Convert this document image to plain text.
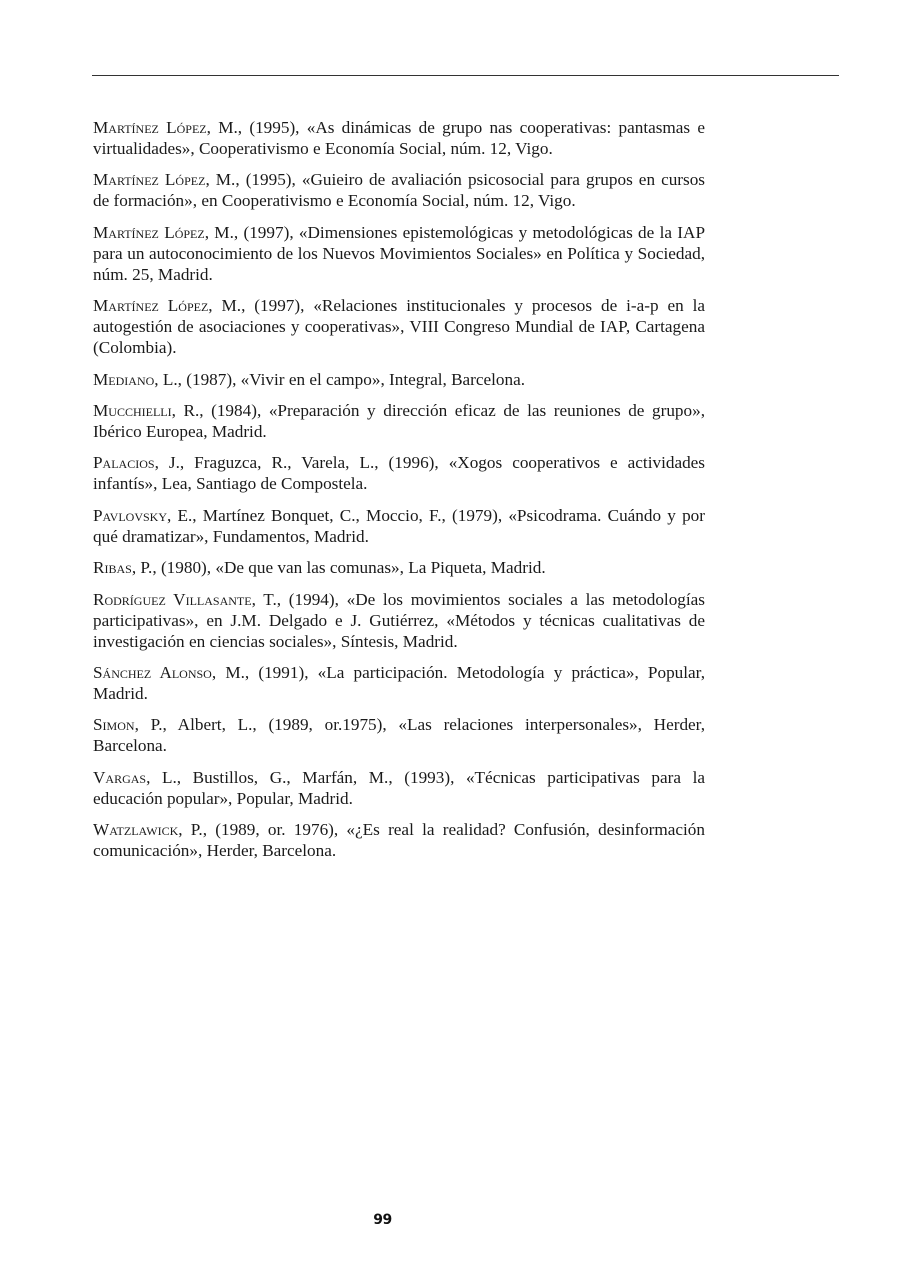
Martínez López, M., (1995), «As dinámicas de grupo nas cooperativas: pantasmas e virtualidades», Cooperativismo e Economía Social, núm. 12, Vigo.

Martínez López, M., (1995), «Guieiro de avaliación psicosocial para grupos en cursos de formación», en Cooperativismo e Economía Social, núm. 12, Vigo.

Martínez López, M., (1997), «Dimensiones epistemológicas y metodológicas de la IAP para un autoconocimiento de los Nuevos Movimientos Sociales» en Política y Sociedad, núm. 25, Madrid.

Martínez López, M., (1997), «Relaciones institucionales y procesos de i-a-p en la autogestión de asociaciones y cooperativas», VIII Congreso Mundial de IAP, Cartagena (Colombia).

Mediano, L., (1987), «Vivir en el campo», Integral, Barcelona.

Mucchielli, R., (1984), «Preparación y dirección eficaz de las reuniones de grupo», Ibérico Europea, Madrid.

Palacios, J., Fraguzca, R., Varela, L., (1996), «Xogos cooperativos e actividades infantís», Lea, Santiago de Compostela.

Pavlovsky, E., Martínez Bonquet, C., Moccio, F., (1979), «Psicodrama. Cuándo y por qué dramatizar», Fundamentos, Madrid.

Ribas, P., (1980), «De que van las comunas», La Piqueta, Madrid.

Rodríguez Villasante, T., (1994), «De los movimientos sociales a las metodologías participativas», en J.M. Delgado e J. Gutiérrez, «Métodos y técnicas cualitativas de investigación en ciencias sociales», Síntesis, Madrid.

Sánchez Alonso, M., (1991), «La participación. Metodología y práctica», Popular, Madrid.

Simon, P., Albert, L., (1989, or.1975), «Las relaciones interpersonales», Herder, Barcelona.

Vargas, L., Bustillos, G., Marfán, M., (1993), «Técnicas participativas para la educación popular», Popular, Madrid.

Watzlawick, P., (1989, or. 1976), «¿Es real la realidad? Confusión, desinformación comunicación», Herder, Barcelona.

99
